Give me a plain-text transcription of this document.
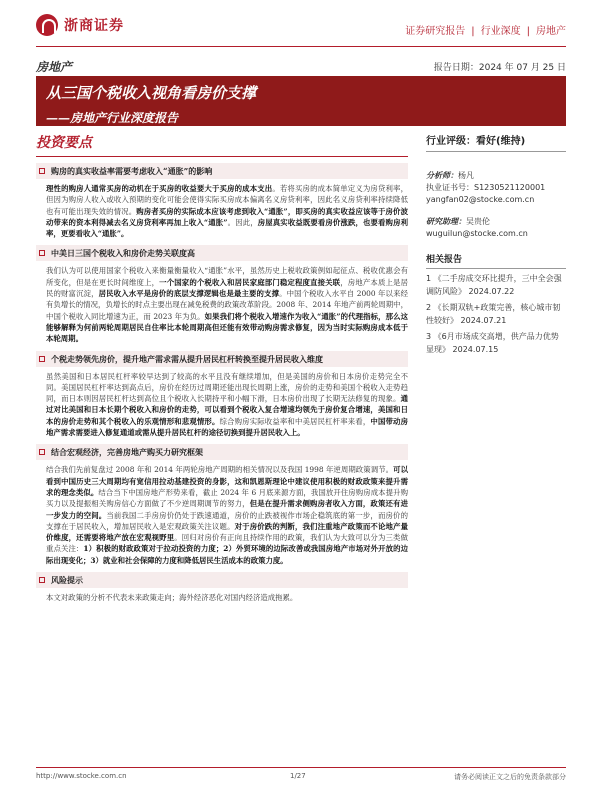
浙商证券	证券研究报告 | 行业深度 | 房地产
房地产	报告日期：2024 年 07 月 25 日
从三国个税收入视角看房价支撑
——房地产行业深度报告
投资要点
购房的真实收益率需要考虑收入“通胀”的影响
理性的购房人通常买房的动机在于买房的收益要大于买房的成本支出。若将买房的成本简单定义为房贷利率，但因为购房人收入或收入预期的变化可能会使得实际买房成本偏离名义房贷利率，因此名义房贷利率持续降低也有可能出现失效的情况。购房者买房的实际成本应该考虑到收入“通胀”，即买房的真实收益应该等于房价波动带来的资本利得减去名义房贷利率再加上收入“通胀”。因此，房屋真实收益既要看房价涨跌，也要看购房利率，更要看收入“通胀”。
中美日三国个税收入和房价走势关联度高
我们认为可以使用国家个税收入来衡量衡量收入“通胀”水平，虽然历史上税收政策例如起征点、税收优惠会有所变化，但是在更长时间维度上，一个国家的个税收入和居民家庭部门稳定程度直接关联，房地产本质上是居民的财富沉淀，居民收入水平是房价的底层支撑逻辑也是最主要的支撑。中国个税收入水平自 2000 年以来经有负增长的情况，负增长的时点主要出现在减免税费的政策改革阶段。2008 年、2014 年地产前两轮周期中，中国个税收入同比增速为正，而 2023 年为负。如果我们将个税收入增速作为收入“通胀”的代理指标，那么这能够解释为何前两轮周期居民自住率比本轮周期高但还能有效带动购房需求修复，因为当时实际购房成本低于本轮周期。
个税走势领先房价，提升地产需求需从提升居民杠杆转换至提升居民收入维度
虽然美国和日本居民杠杆率较早达到了较高的水平且没有继续增加，但是美国的房价和日本房价走势完全不同。美国居民杠杆率达到高点后，房价在经历过周期还能出现长周期上涨，房价的走势和美国个税收入走势趋同，而日本则因居民杠杆达到高位且个税收入长期持平和小幅下滑，日本房价出现了长期无法修复的现象。通过对比美国和日本长期个税收入和房价的走势，可以看到个税收入复合增速均领先于房价复合增速，美国和日本的房价走势和其个税收入的乐观情形和悲观情形。综合购房实际收益率和中美居民杠杆率来看，中国带动房地产需求需要进入修复通道或需从提升居民杠杆的途径切换到提升居民收入上。
结合宏观经济，完善房地产购买力研究框架
结合我们先前复盘过 2008 年和 2014 年两轮房地产周期的相关情况以及我国 1998 年逆周期政策调节。可以看到中国历史三大周期均有宽信用拉动基建投资的身影，这和凯恩斯理论中建议使用积极的财政政策来提升需求的理念类似。结合当下中国房地产形势来看，截止 2024 年 6 月底来源方面，我国放开住房购房成本提升购买力以及提振相关购房信心方面做了不少逆周期调节的努力，但是在提升需求侧购房者收入方面，政策还有进一步发力的空间。当前我国二手房房价仍处于跌速通道，房价的止跌被视作市场企稳筑底的第一步，而房价的支撑在于居民收入，增加居民收入是宏观政策关注议题。对于房价跌的判断，我们注重地产政策而不论地产量价维度，还需要将地产放在宏观视野里。回归对房价有正向且持续作用的政策，我们认为大致可以分为三类做重点关注：1）积极的财政政策对于拉动投资的力度；2）外贸环境的边际改善或我国房地产市场对外开放的边际出现变化；3）就业和社会保障的力度和降低居民生活成本的政策力度。
风险提示
本文对政策的分析不代表未来政策走向；海外经济恶化对国内经济造成拖累。
行业评级：看好(维持)
分析师：杨凡
执业证书号：S1230521120001
yangfan02@stocke.com.cn
研究助理：吴贵伦
wuguilun@stocke.com.cn
相关报告
1 《二手房成交环比提升，三中全会强调防风险》 2024.07.22
2 《长期双轨+政策完善，核心城市韧性较好》 2024.07.21
3 《6月市场成交高增，供产品力优势显现》 2024.07.15
http://www.stocke.com.cn	1/27	请务必阅读正文之后的免责条款部分
